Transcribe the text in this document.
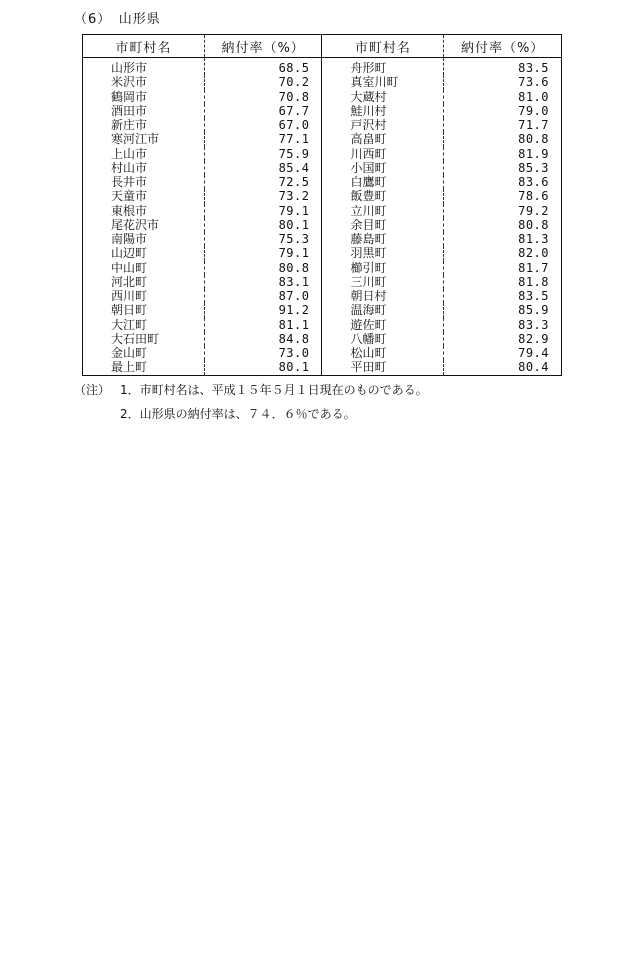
（6）　山形県
市町村名	納付率（%）	市町村名	納付率（%）
山形市	68.5	舟形町	83.5
米沢市	70.2	真室川町	73.6
鶴岡市	70.8	大蔵村	81.0
酒田市	67.7	鮭川村	79.0
新庄市	67.0	戸沢村	71.7
寒河江市	77.1	高畠町	80.8
上山市	75.9	川西町	81.9
村山市	85.4	小国町	85.3
長井市	72.5	白鷹町	83.6
天童市	73.2	飯豊町	78.6
東根市	79.1	立川町	79.2
尾花沢市	80.1	余目町	80.8
南陽市	75.3	藤島町	81.3
山辺町	79.1	羽黒町	82.0
中山町	80.8	櫛引町	81.7
河北町	83.1	三川町	81.8
西川町	87.0	朝日村	83.5
朝日町	91.2	温海町	85.9
大江町	81.1	遊佐町	83.3
大石田町	84.8	八幡町	82.9
金山町	73.0	松山町	79.4
最上町	80.1	平田町	80.4
（注） 1．市町村名は、平成１５年５月１日現在のものである。
2．山形県の納付率は、７４．６％である。
